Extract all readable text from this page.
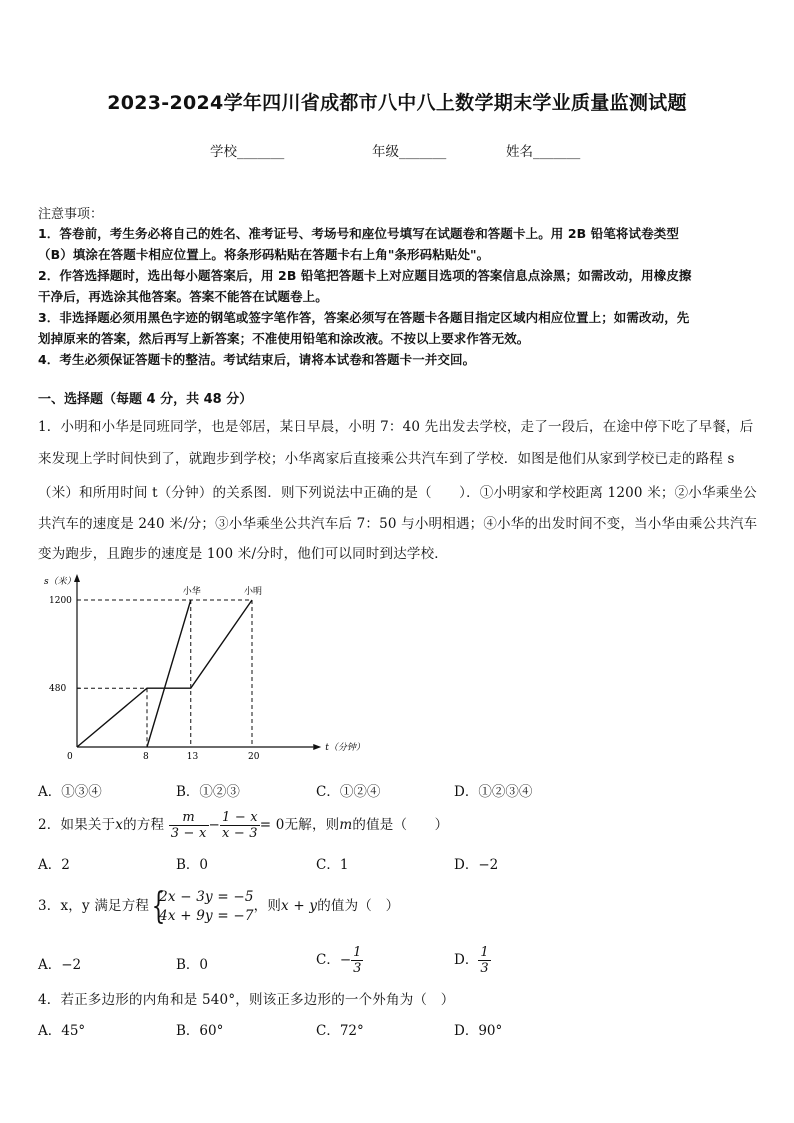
2023-2024学年四川省成都市八中八上数学期末学业质量监测试题
学校_______	年级_______	姓名_______
注意事项：
1．答卷前，考生务必将自己的姓名、准考证号、考场号和座位号填写在试题卷和答题卡上。用 2B 铅笔将试卷类型
（B）填涂在答题卡相应位置上。将条形码粘贴在答题卡右上角"条形码粘贴处"。
2．作答选择题时，选出每小题答案后，用 2B 铅笔把答题卡上对应题目选项的答案信息点涂黑；如需改动，用橡皮擦
干净后，再选涂其他答案。答案不能答在试题卷上。
3．非选择题必须用黑色字迹的钢笔或签字笔作答，答案必须写在答题卡各题目指定区域内相应位置上；如需改动，先
划掉原来的答案，然后再写上新答案；不准使用铅笔和涂改液。不按以上要求作答无效。
4．考生必须保证答题卡的整洁。考试结束后，请将本试卷和答题卡一并交回。
一、选择题（每题 4 分，共 48 分）
1．小明和小华是同班同学，也是邻居，某日早晨，小明 7：40 先出发去学校，走了一段后，在途中停下吃了早餐，后
来发现上学时间快到了，就跑步到学校；小华离家后直接乘公共汽车到了学校．如图是他们从家到学校已走的路程 s
（米）和所用时间 t（分钟）的关系图．则下列说法中正确的是（　　）．①小明家和学校距离 1200 米；②小华乘坐公
共汽车的速度是 240 米/分；③小华乘坐公共汽车后 7：50 与小明相遇；④小华的出发时间不变，当小华由乘公共汽车
变为跑步，且跑步的速度是 100 米/分时，他们可以同时到达学校．
s（米）
t（分钟）
0	8	13	20
480
1200
小明
小华
A．①③④	B．①②③	C．①②④	D．①②③④
2．如果关于x的方程 $\frac{m}{3 - x} - \frac{1 - x}{x - 3} = 0$无解，则m的值是（　　）
A．2	B．0	C．1	D．−2
3．x，y 满足方程 {
2x − 3y = −5
4x + 9y = −7
，则x + y的值为（　）
A．−2	B．0	C．− $\frac{1}{3}$	D． $\frac{1}{3}$
4．若正多边形的内角和是 540°，则该正多边形的一个外角为（　）
A．45°	B．60°	C．72°	D．90°
